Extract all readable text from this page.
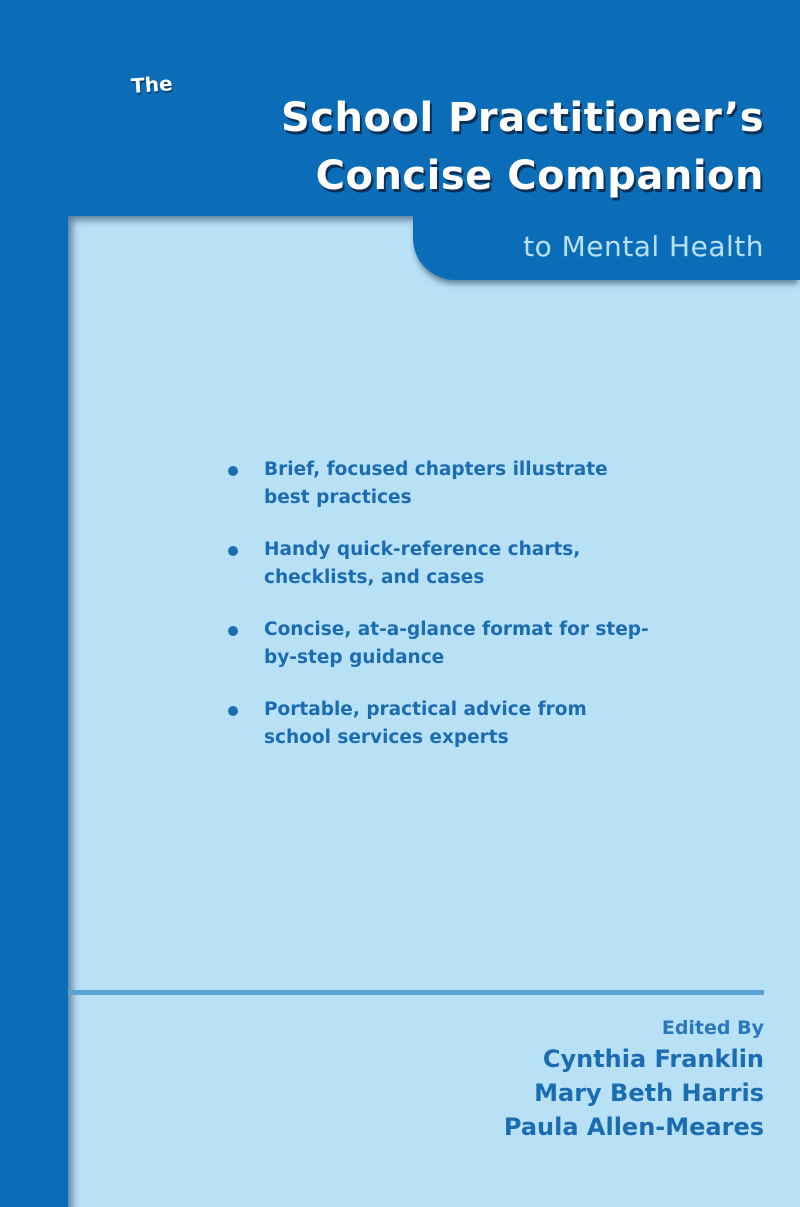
The
School Practitioner’s
Concise Companion
to Mental Health
Brief, focused chapters illustrate best practices
Handy quick-reference charts, checklists, and cases
Concise, at-a-glance format for step-by-step guidance
Portable, practical advice from school services experts
Edited By
Cynthia Franklin
Mary Beth Harris
Paula Allen-Meares
